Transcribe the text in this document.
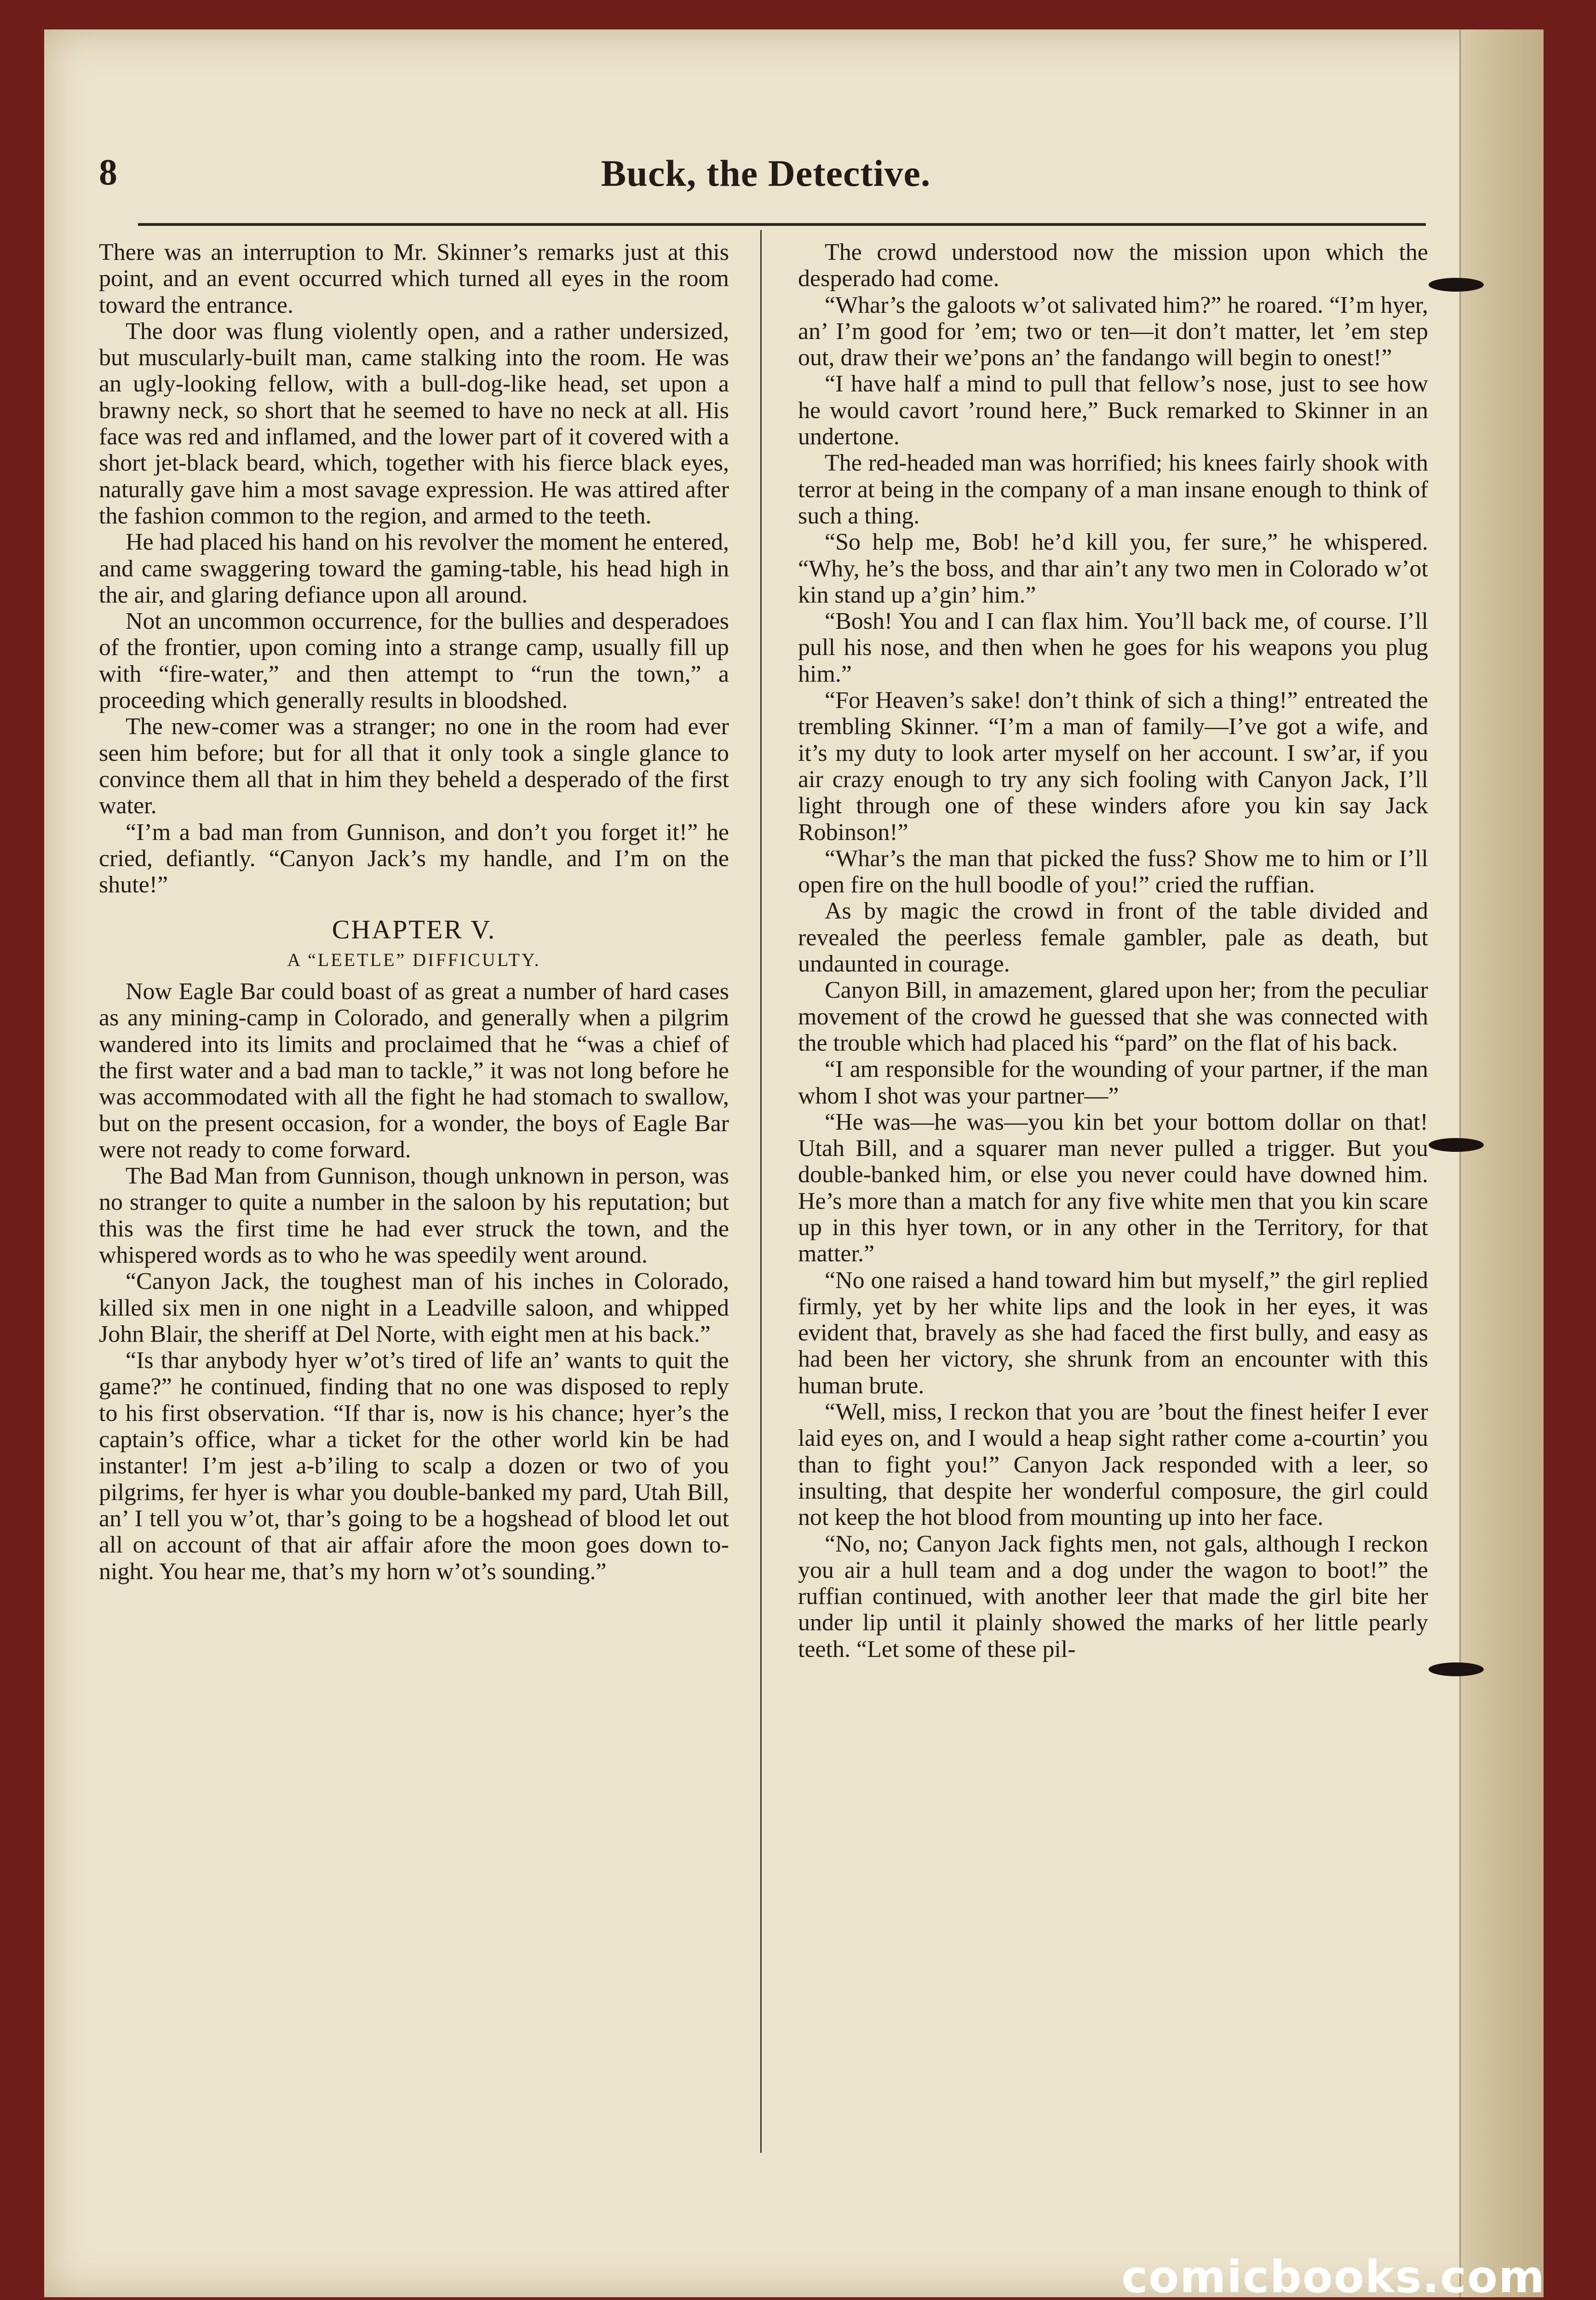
8	Buck, the Detective.

There was an interruption to Mr. Skinner’s remarks just at this point, and an event occurred which turned all eyes in the room toward the entrance.

The door was flung violently open, and a rather undersized, but muscularly-built man, came stalking into the room. He was an ugly-looking fellow, with a bull-dog-like head, set upon a brawny neck, so short that he seemed to have no neck at all. His face was red and inflamed, and the lower part of it covered with a short jet-black beard, which, together with his fierce black eyes, naturally gave him a most savage expression. He was attired after the fashion common to the region, and armed to the teeth.

He had placed his hand on his revolver the moment he entered, and came swaggering toward the gaming-table, his head high in the air, and glaring defiance upon all around.

Not an uncommon occurrence, for the bullies and desperadoes of the frontier, upon coming into a strange camp, usually fill up with “fire-water,” and then attempt to “run the town,” a proceeding which generally results in bloodshed.

The new-comer was a stranger; no one in the room had ever seen him before; but for all that it only took a single glance to convince them all that in him they beheld a desperado of the first water.

“I’m a bad man from Gunnison, and don’t you forget it!” he cried, defiantly. “Canyon Jack’s my handle, and I’m on the shute!”

CHAPTER V.
A “LEETLE” DIFFICULTY.

Now Eagle Bar could boast of as great a number of hard cases as any mining-camp in Colorado, and generally when a pilgrim wandered into its limits and proclaimed that he “was a chief of the first water and a bad man to tackle,” it was not long before he was accommodated with all the fight he had stomach to swallow, but on the present occasion, for a wonder, the boys of Eagle Bar were not ready to come forward.

The Bad Man from Gunnison, though unknown in person, was no stranger to quite a number in the saloon by his reputation; but this was the first time he had ever struck the town, and the whispered words as to who he was speedily went around.

“Canyon Jack, the toughest man of his inches in Colorado, killed six men in one night in a Leadville saloon, and whipped John Blair, the sheriff at Del Norte, with eight men at his back.”

“Is thar anybody hyer w’ot’s tired of life an’ wants to quit the game?” he continued, finding that no one was disposed to reply to his first observation. “If thar is, now is his chance; hyer’s the captain’s office, whar a ticket for the other world kin be had instanter! I’m jest a-b’iling to scalp a dozen or two of you pilgrims, fer hyer is whar you double-banked my pard, Utah Bill, an’ I tell you w’ot, thar’s going to be a hogshead of blood let out all on account of that air affair afore the moon goes down to-night. You hear me, that’s my horn w’ot’s sounding.”

The crowd understood now the mission upon which the desperado had come.

“Whar’s the galoots w’ot salivated him?” he roared. “I’m hyer, an’ I’m good for ’em; two or ten—it don’t matter, let ’em step out, draw their we’pons an’ the fandango will begin to onest!”

“I have half a mind to pull that fellow’s nose, just to see how he would cavort ’round here,” Buck remarked to Skinner in an undertone.

The red-headed man was horrified; his knees fairly shook with terror at being in the company of a man insane enough to think of such a thing.

“So help me, Bob! he’d kill you, fer sure,” he whispered. “Why, he’s the boss, and thar ain’t any two men in Colorado w’ot kin stand up a’gin’ him.”

“Bosh! You and I can flax him. You’ll back me, of course. I’ll pull his nose, and then when he goes for his weapons you plug him.”

“For Heaven’s sake! don’t think of sich a thing!” entreated the trembling Skinner. “I’m a man of family—I’ve got a wife, and it’s my duty to look arter myself on her account. I sw’ar, if you air crazy enough to try any sich fooling with Canyon Jack, I’ll light through one of these winders afore you kin say Jack Robinson!”

“Whar’s the man that picked the fuss? Show me to him or I’ll open fire on the hull boodle of you!” cried the ruffian.

As by magic the crowd in front of the table divided and revealed the peerless female gambler, pale as death, but undaunted in courage.

Canyon Bill, in amazement, glared upon her; from the peculiar movement of the crowd he guessed that she was connected with the trouble which had placed his “pard” on the flat of his back.

“I am responsible for the wounding of your partner, if the man whom I shot was your partner—”

“He was—he was—you kin bet your bottom dollar on that! Utah Bill, and a squarer man never pulled a trigger. But you double-banked him, or else you never could have downed him. He’s more than a match for any five white men that you kin scare up in this hyer town, or in any other in the Territory, for that matter.”

“No one raised a hand toward him but myself,” the girl replied firmly, yet by her white lips and the look in her eyes, it was evident that, bravely as she had faced the first bully, and easy as had been her victory, she shrunk from an encounter with this human brute.

“Well, miss, I reckon that you are ’bout the finest heifer I ever laid eyes on, and I would a heap sight rather come a-courtin’ you than to fight you!” Canyon Jack responded with a leer, so insulting, that despite her wonderful composure, the girl could not keep the hot blood from mounting up into her face.

“No, no; Canyon Jack fights men, not gals, although I reckon you air a hull team and a dog under the wagon to boot!” the ruffian continued, with another leer that made the girl bite her under lip until it plainly showed the marks of her little pearly teeth. “Let some of these pil-

comicbooks.com
